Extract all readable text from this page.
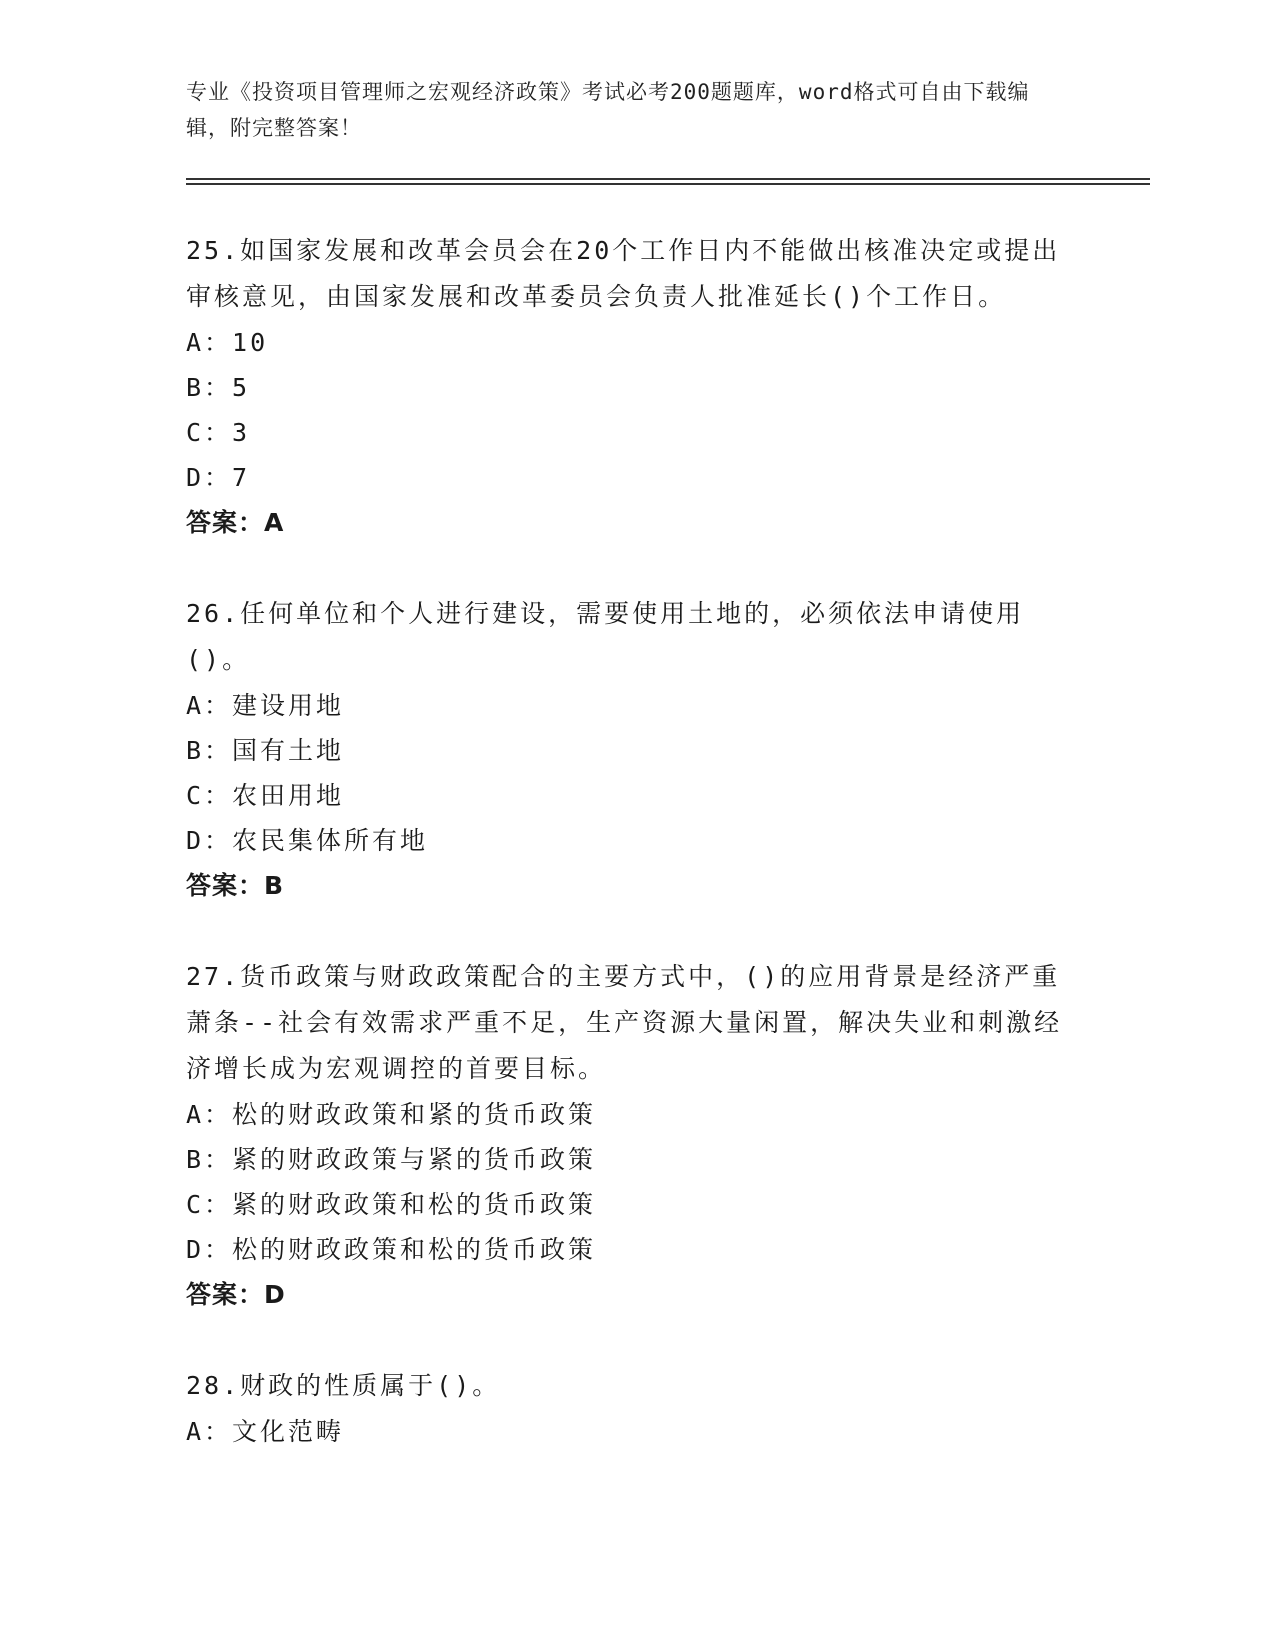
专业《投资项目管理师之宏观经济政策》考试必考200题题库，word格式可自由下载编辑，附完整答案！
25.如国家发展和改革会员会在20个工作日内不能做出核准决定或提出审核意见，由国家发展和改革委员会负责人批准延长()个工作日。
A：10
B：5
C：3
D：7
答案：A
26.任何单位和个人进行建设，需要使用土地的，必须依法申请使用()。
A：建设用地
B：国有土地
C：农田用地
D：农民集体所有地
答案：B
27.货币政策与财政政策配合的主要方式中，()的应用背景是经济严重萧条--社会有效需求严重不足，生产资源大量闲置，解决失业和刺激经济增长成为宏观调控的首要目标。
A：松的财政政策和紧的货币政策
B：紧的财政政策与紧的货币政策
C：紧的财政政策和松的货币政策
D：松的财政政策和松的货币政策
答案：D
28.财政的性质属于()。
A：文化范畴
